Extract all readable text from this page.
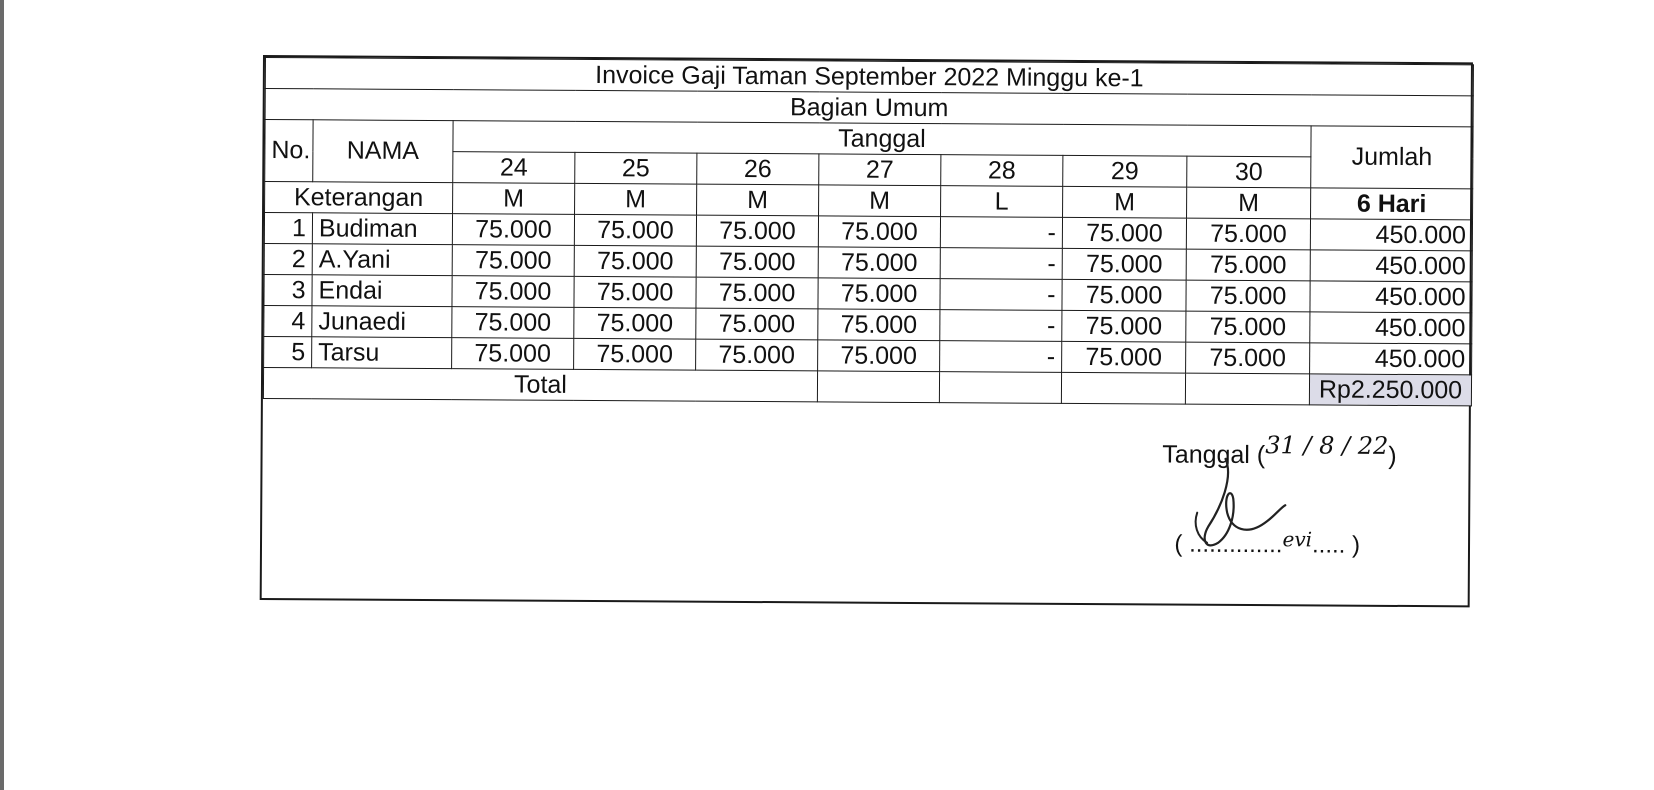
Invoice Gaji Taman September 2022 Minggu ke-1									
Bagian Umum									
No.	NAMA	Tanggal							Jumlah
		24	25	26	27	28	29	30	
Keterangan		M	M	M	M	L	M	M	6 Hari
1	Budiman	75.000	75.000	75.000	75.000	-	75.000	75.000	450.000
2	A.Yani	75.000	75.000	75.000	75.000	-	75.000	75.000	450.000
3	Endai	75.000	75.000	75.000	75.000	-	75.000	75.000	450.000
4	Junaedi	75.000	75.000	75.000	75.000	-	75.000	75.000	450.000
5	Tarsu	75.000	75.000	75.000	75.000	-	75.000	75.000	450.000
Total									Rp2.250.000
Tanggal (31 / 8 / 22)
( ..............$^{evi}$..... )
